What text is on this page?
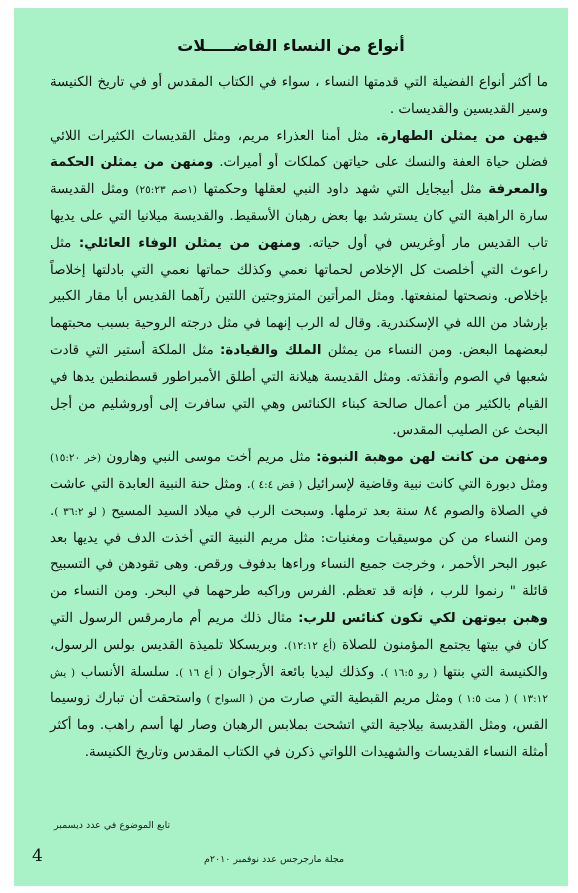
أنواع من النساء الفاضـــــلات

ما أكثر أنواع الفضيلة التي قدمتها النساء ، سواء في الكتاب المقدس أو في تاريخ الكنيسة وسير القديسين والقديسات .

فيهن من يمثلن الطهارة. مثل أمنا العذراء مريم، ومثل القديسات الكثيرات اللائي فضلن حياة العفة والنسك على حياتهن كملكات أو أميرات. ومنهن من يمثلن الحكمة والمعرفة مثل أبيجايل التي شهد داود النبي لعقلها وحكمتها (١صم ٢٥:٢٣) ومثل القديسة سارة الراهبة التي كان يسترشد بها بعض رهبان الأسقيط. والقديسة ميلانيا التي على يديها تاب القديس مار أوغريس في أول حياته. ومنهن من يمثلن الوفاء العائلي: مثل راعوث التي أخلصت كل الإخلاص لحماتها نعمي وكذلك حماتها نعمي التي بادلتها إخلاصاً بإخلاص. ونصحتها لمنفعتها. ومثل المرأتين المتزوجتين اللتين رآهما القديس أبا مقار الكبير بإرشاد من الله في الإسكندرية. وقال له الرب إنهما في مثل درجته الروحية بسبب محبتهما لبعضهما البعض. ومن النساء من يمثلن الملك والقيادة: مثل الملكة أستير التي قادت شعبها في الصوم وأنقذته. ومثل القديسة هيلانة التي أطلق الأمبراطور قسطنطين يدها في القيام بالكثير من أعمال صالحة كبناء الكنائس وهي التي سافرت إلى أوروشليم من أجل البحث عن الصليب المقدس.

ومنهن من كانت لهن موهبة النبوة: مثل مريم أخت موسى النبي وهارون (خر ١٥:٢٠) ومثل دبورة التي كانت نبية وقاضية لإسرائيل ( قض ٤:٤ ). ومثل حنة النبية العابدة التي عاشت في الصلاة والصوم ٨٤ سنة بعد ترملها. وسبحت الرب في ميلاد السيد المسيح ( لو ٣٦:٢ ). ومن النساء من كن موسيقيات ومغنيات: مثل مريم النبية التي أخذت الدف في يديها بعد عبور البحر الأحمر ، وخرجت جميع النساء وراءها بدفوف ورقص. وهى تقودهن في التسبيح قائلة " رنموا للرب ، فإنه قد تعظم. الفرس وراكبه طرحهما في البحر. ومن النساء من وهبن بيوتهن لكي تكون كنائس للرب: مثال ذلك مريم أم مارمرقس الرسول التي كان في بيتها يجتمع المؤمنون للصلاة (أع ١٢:١٢). وبريسكلا تلميذة القديس بولس الرسول، والكنيسة التي بنتها ( رو ١٦:٥ ). وكذلك ليديا بائعة الأرجوان ( أع ١٦ ). سلسلة الأنساب ( يش ١٣:١٢ ) ( مت ١:٥ ) ومثل مريم القبطية التي صارت من ( السواح ) واستحقت أن تبارك زوسيما القس، ومثل القديسة بيلاجية التي اتشحت بملابس الرهبان وصار لها أسم راهب. وما أكثر أمثلة النساء القديسات والشهيدات اللواتي ذكرن في الكتاب المقدس وتاريخ الكنيسة.

تابع الموضوع في عدد ديسمبر
مجلة مارجرجس عدد نوفمبر ٢٠١٠م
4
